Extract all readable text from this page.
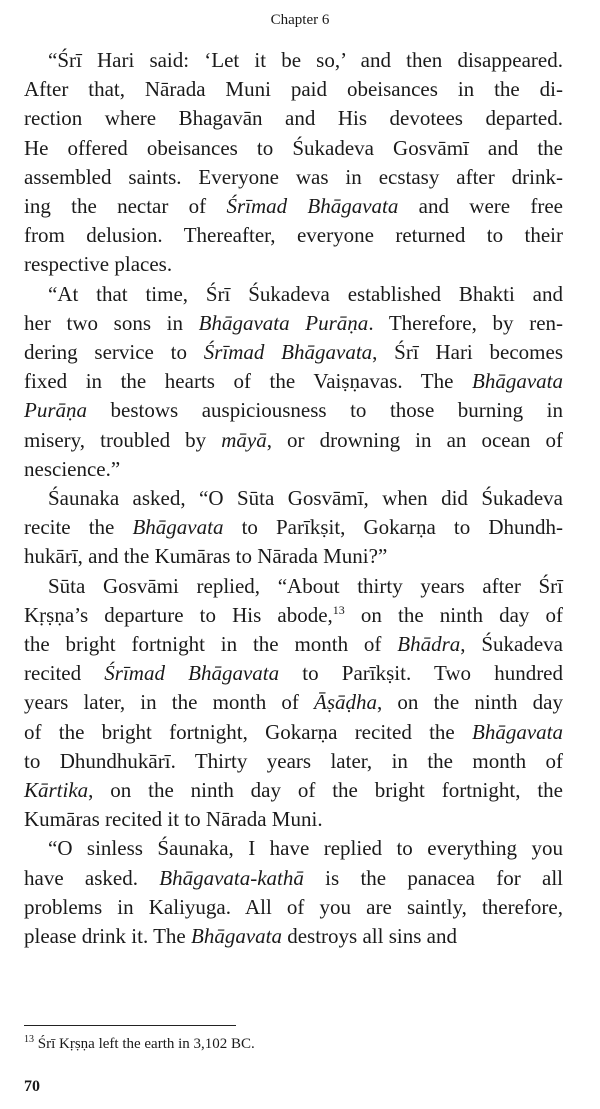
Chapter 6
“Śrī Hari said: ‘Let it be so,’ and then disappeared.
After that, Nārada Muni paid obeisances in the di-
rection where Bhagavān and His devotees departed.
He offered obeisances to Śukadeva Gosvāmī and the
assembled saints. Everyone was in ecstasy after drink-
ing the nectar of Śrīmad Bhāgavata and were free
from delusion. Thereafter, everyone returned to their
respective places.
“At that time, Śrī Śukadeva established Bhakti and
her two sons in Bhāgavata Purāṇa. Therefore, by ren-
dering service to Śrīmad Bhāgavata, Śrī Hari becomes
fixed in the hearts of the Vaiṣṇavas. The Bhāgavata
Purāṇa bestows auspiciousness to those burning in
misery, troubled by māyā, or drowning in an ocean of
nescience.”
Śaunaka asked, “O Sūta Gosvāmī, when did Śukadeva
recite the Bhāgavata to Parīkṣit, Gokarṇa to Dhundh-
hukārī, and the Kumāras to Nārada Muni?”
Sūta Gosvāmi replied, “About thirty years after Śrī
Kṛṣṇa’s departure to His abode,$^{13}$ on the ninth day of
the bright fortnight in the month of Bhādra, Śukadeva
recited Śrīmad Bhāgavata to Parīkṣit. Two hundred
years later, in the month of Āṣāḍha, on the ninth day
of the bright fortnight, Gokarṇa recited the Bhāgavata
to Dhundhukārī. Thirty years later, in the month of
Kārtika, on the ninth day of the bright fortnight, the
Kumāras recited it to Nārada Muni.
“O sinless Śaunaka, I have replied to everything you
have asked. Bhāgavata-kathā is the panacea for all
problems in Kaliyuga. All of you are saintly, therefore,
please drink it. The Bhāgavata destroys all sins and
$^{13}$ Śrī Kṛṣṇa left the earth in 3,102 BC.
70
